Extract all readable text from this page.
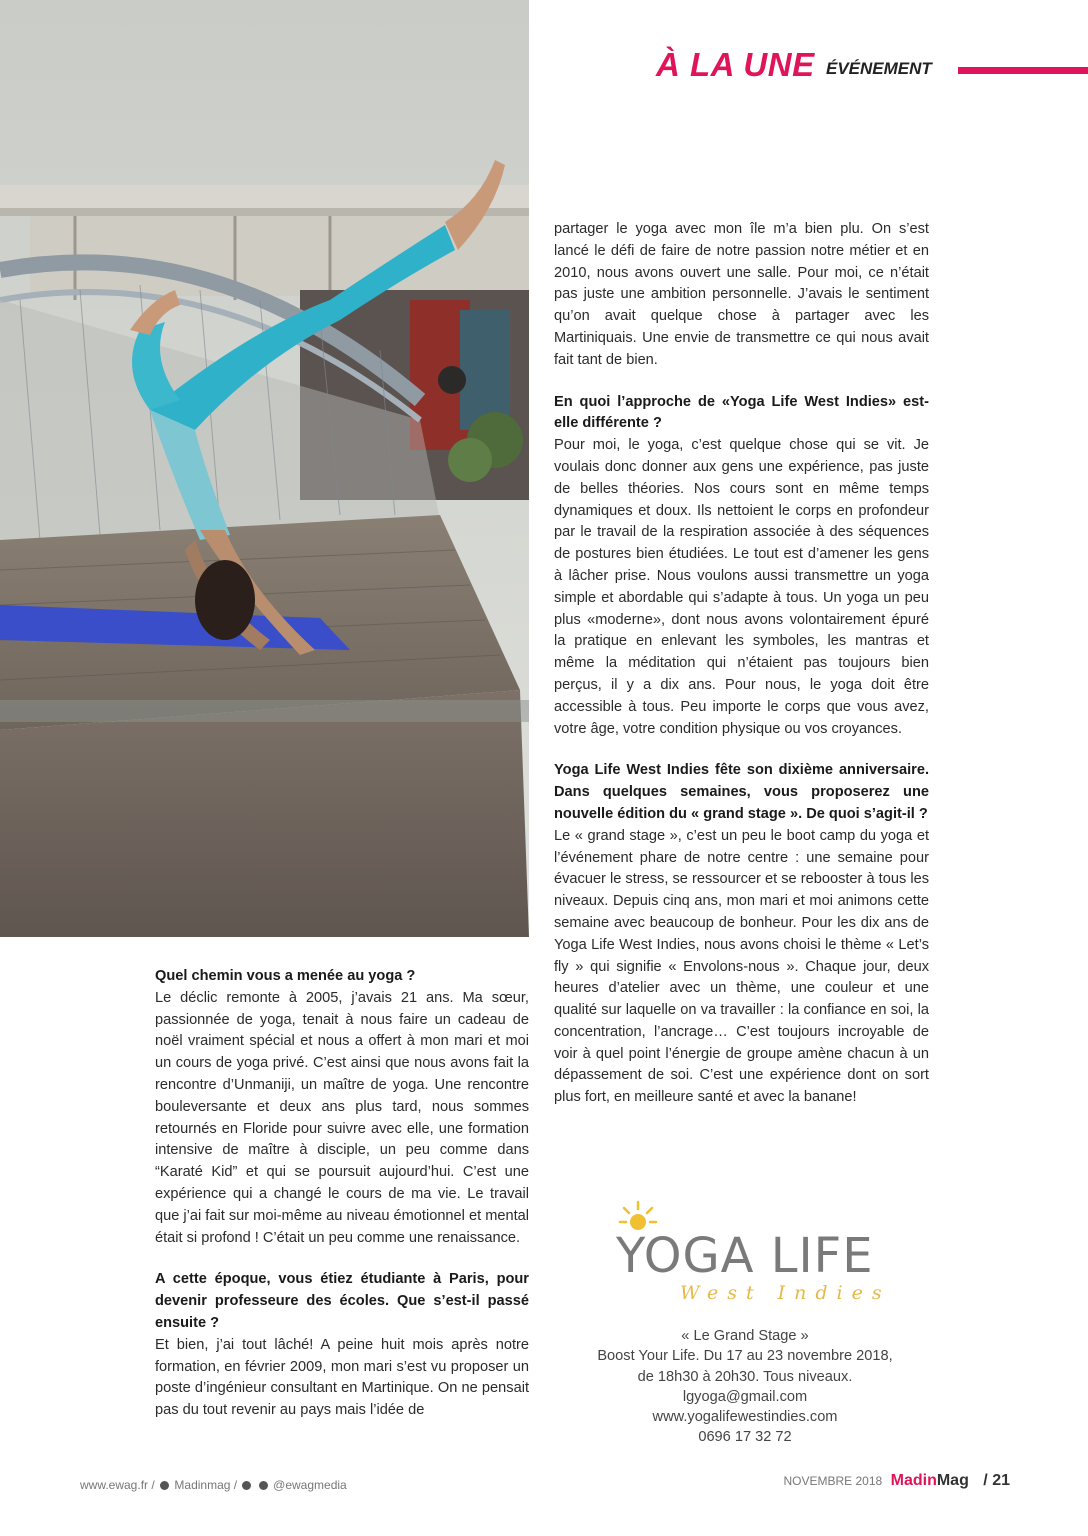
À LA UNE ÉVÉNEMENT

partager le yoga avec mon île m’a bien plu. On s’est lancé le défi de faire de notre passion notre métier et en 2010, nous avons ouvert une salle. Pour moi, ce n’était pas juste une ambition personnelle. J’avais le sentiment qu’on avait quelque chose à partager avec les Martiniquais. Une envie de transmettre ce qui nous avait fait tant de bien.

En quoi l’approche de «Yoga Life West Indies» est-elle différente ?

Pour moi, le yoga, c’est quelque chose qui se vit. Je voulais donc donner aux gens une expérience, pas juste de belles théories. Nos cours sont en même temps dynamiques et doux. Ils nettoient le corps en profondeur par le travail de la respiration associée à des séquences de postures bien étudiées. Le tout est d’amener les gens à lâcher prise. Nous voulons aussi transmettre un yoga simple et abordable qui s’adapte à tous. Un yoga un peu plus «moderne», dont nous avons volontairement épuré la pratique en enlevant les symboles, les mantras et même la méditation qui n’étaient pas toujours bien perçus, il y a dix ans. Pour nous, le yoga doit être accessible à tous. Peu importe le corps que vous avez, votre âge, votre condition physique ou vos croyances.

Yoga Life West Indies fête son dixième anniversaire. Dans quelques semaines, vous proposerez une nouvelle édition du « grand stage ». De quoi s’agit-il ?

Le « grand stage », c’est un peu le boot camp du yoga et l’événement phare de notre centre : une semaine pour évacuer le stress, se ressourcer et se rebooster à tous les niveaux. Depuis cinq ans, mon mari et moi animons cette semaine avec beaucoup de bonheur. Pour les dix ans de Yoga Life West Indies, nous avons choisi le thème « Let’s fly » qui signifie « Envolons-nous ». Chaque jour, deux heures d’atelier avec un thème, une couleur et une qualité sur laquelle on va travailler : la confiance en soi, la concentration, l’ancrage… C’est toujours incroyable de voir à quel point l’énergie de groupe amène chacun à un dépassement de soi. C’est une expérience dont on sort plus fort, en meilleure santé et avec la banane!

Quel chemin vous a menée au yoga ?

Le déclic remonte à 2005, j’avais 21 ans. Ma sœur, passionnée de yoga, tenait à nous faire un cadeau de noël vraiment spécial et nous a offert à mon mari et moi un cours de yoga privé. C’est ainsi que nous avons fait la rencontre d’Unmaniji, un maître de yoga. Une rencontre bouleversante et deux ans plus tard, nous sommes retournés en Floride pour suivre avec elle, une formation intensive de maître à disciple, un peu comme dans “Karaté Kid” et qui se poursuit aujourd’hui. C’est une expérience qui a changé le cours de ma vie. Le travail que j’ai fait sur moi-même au niveau émotionnel et mental était si profond ! C’était un peu comme une renaissance.

A cette époque, vous étiez étudiante à Paris, pour devenir professeure des écoles. Que s’est-il passé ensuite ?

Et bien, j’ai tout lâché! A peine huit mois après notre formation, en février 2009, mon mari s’est vu proposer un poste d’ingénieur consultant en Martinique. On ne pensait pas du tout revenir au pays mais l’idée de

YOGA LIFE
West Indies
« Le Grand Stage »
Boost Your Life. Du 17 au 23 novembre 2018,
de 18h30 à 20h30. Tous niveaux.
lgyoga@gmail.com
www.yogalifewestindies.com
0696 17 32 72
www.ewag.fr /  Madinmag /	@ewagmedia	NOVEMBRE 2018 MadinMag / 21
